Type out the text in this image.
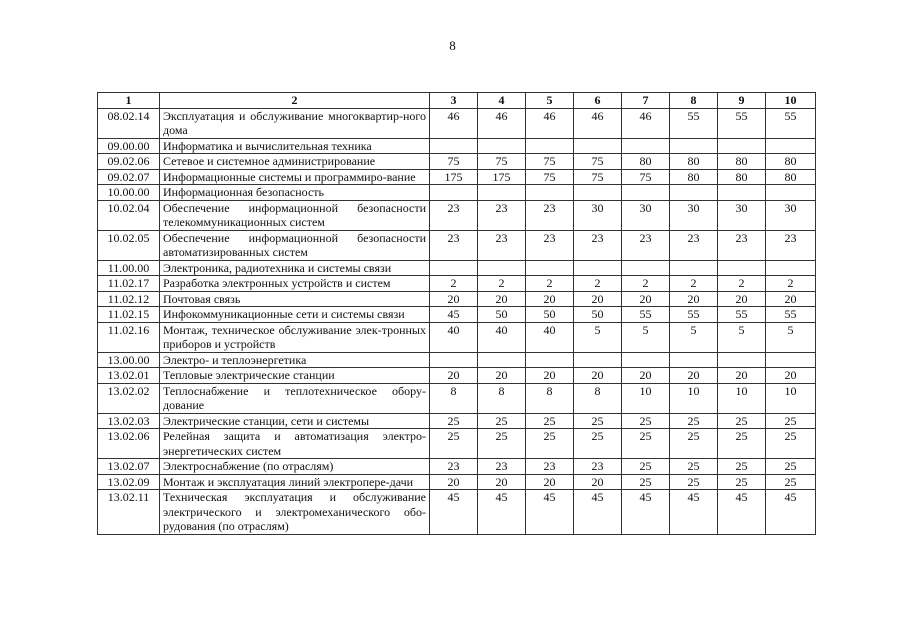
8
1	2	3	4	5	6	7	8	9	10
08.02.14	Эксплуатация и обслуживание многоквартир-ного дома	46	46	46	46	46	55	55	55
09.00.00	Информатика и вычислительная техника								
09.02.06	Сетевое и системное администрирование	75	75	75	75	80	80	80	80
09.02.07	Информационные системы и программиро-вание	175	175	75	75	75	80	80	80
10.00.00	Информационная безопасность								
10.02.04	Обеспечение информационной безопасности телекоммуникационных систем	23	23	23	30	30	30	30	30
10.02.05	Обеспечение информационной безопасности автоматизированных систем	23	23	23	23	23	23	23	23
11.00.00	Электроника, радиотехника и системы связи								
11.02.17	Разработка электронных устройств и систем	2	2	2	2	2	2	2	2
11.02.12	Почтовая связь	20	20	20	20	20	20	20	20
11.02.15	Инфокоммуникационные сети и системы связи	45	50	50	50	55	55	55	55
11.02.16	Монтаж, техническое обслуживание элек-тронных приборов и устройств	40	40	40	5	5	5	5	5
13.00.00	Электро- и теплоэнергетика								
13.02.01	Тепловые электрические станции	20	20	20	20	20	20	20	20
13.02.02	Теплоснабжение и теплотехническое обору-дование	8	8	8	8	10	10	10	10
13.02.03	Электрические станции, сети и системы	25	25	25	25	25	25	25	25
13.02.06	Релейная защита и автоматизация электро-энергетических систем	25	25	25	25	25	25	25	25
13.02.07	Электроснабжение (по отраслям)	23	23	23	23	25	25	25	25
13.02.09	Монтаж и эксплуатация линий электропере-дачи	20	20	20	20	25	25	25	25
13.02.11	Техническая эксплуатация и обслуживание электрического и электромеханического обо-рудования (по отраслям)	45	45	45	45	45	45	45	45
